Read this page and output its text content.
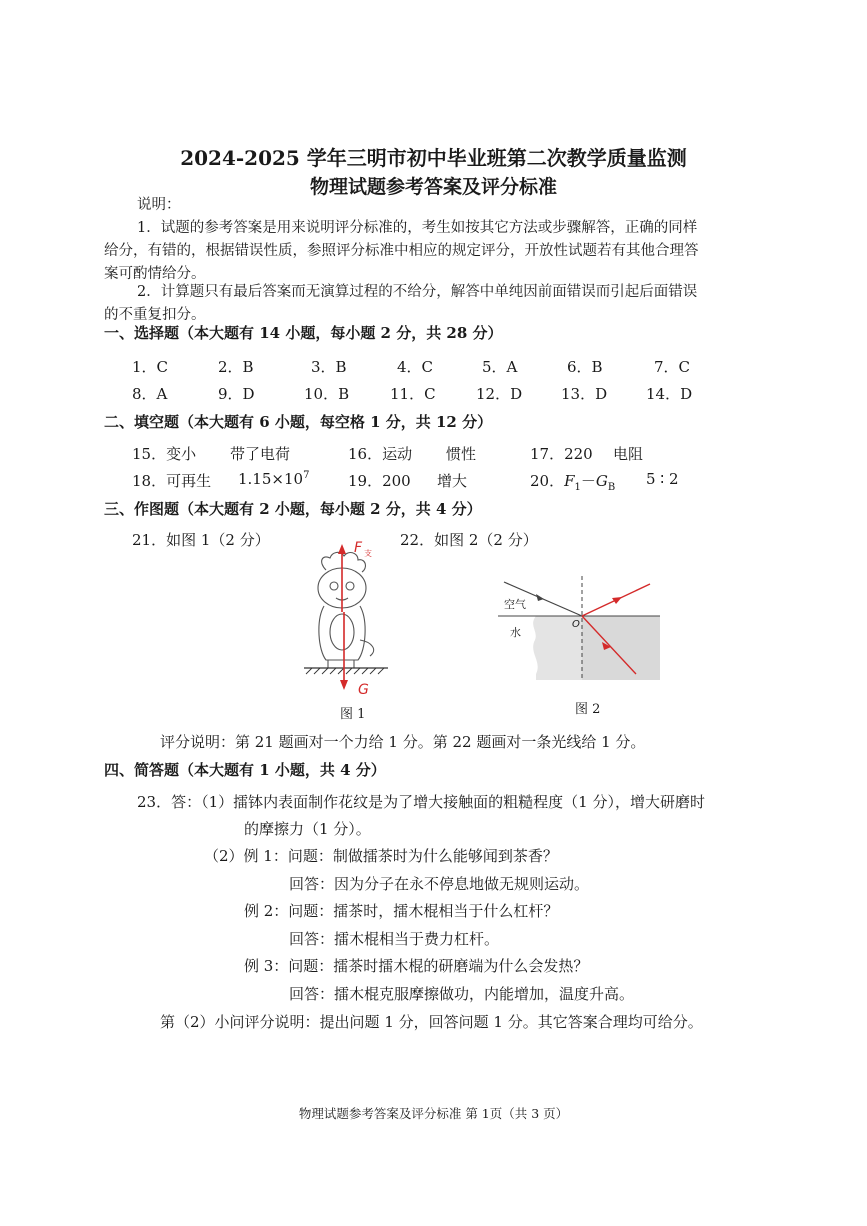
2024-2025 学年三明市初中毕业班第二次教学质量监测
物理试题参考答案及评分标准
说明：
1．试题的参考答案是用来说明评分标准的，考生如按其它方法或步骤解答，正确的同样
给分，有错的，根据错误性质，参照评分标准中相应的规定评分，开放性试题若有其他合理答
案可酌情给分。
2．计算题只有最后答案而无演算过程的不给分，解答中单纯因前面错误而引起后面错误
的不重复扣分。
一、选择题（本大题有 14 小题，每小题 2 分，共 28 分）
1．C	2．B	3．B	4．C	5．A	6．B	7．C
8．A	9．D	10．B	11．C	12．D	13．D	14．D
二、填空题（本大题有 6 小题，每空格 1 分，共 12 分）
15．变小 带了电荷	16．运动 惯性	17．220 电阻
18．可再生 $1.15\times 10^7$	19．200 增大	20．$F_1-G_B$ 5 ∶ 2
三、作图题（本大题有 2 小题，每小题 2 分，共 4 分）
21．如图 1（2 分）	22．如图 2（2 分）
F 支
G
图 1
空气
水
O
图 2
评分说明：第 21 题画对一个力给 1 分。第 22 题画对一条光线给 1 分。
四、简答题（本大题有 1 小题，共 4 分）
23．答：（1）擂钵内表面制作花纹是为了增大接触面的粗糙程度（1 分），增大研磨时
的摩擦力（1 分）。
（2）例 1：问题：制做擂茶时为什么能够闻到茶香？
回答：因为分子在永不停息地做无规则运动。
例 2：问题：擂茶时，擂木棍相当于什么杠杆？
回答：擂木棍相当于费力杠杆。
例 3：问题：擂茶时擂木棍的研磨端为什么会发热？
回答：擂木棍克服摩擦做功，内能增加，温度升高。
第（2）小问评分说明：提出问题 1 分，回答问题 1 分。其它答案合理均可给分。
物理试题参考答案及评分标准 第 1页（共 3 页）
